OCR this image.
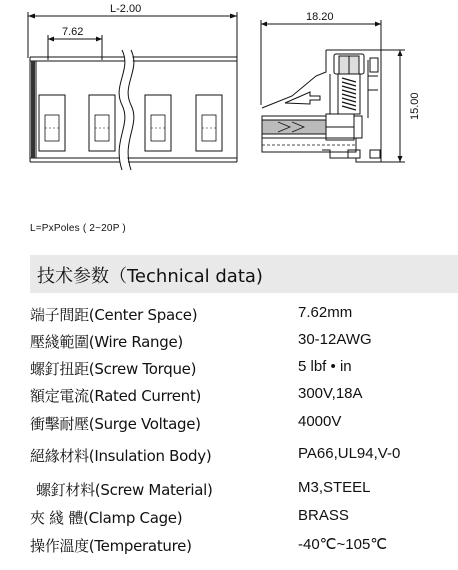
L-2.00
7.62
18.20
15.00
L=PxPoles ( 2~20P )
技术参数（Technical data)
端子間距(Center Space)	7.62mm
壓綫範圍(Wire Range)	30-12AWG
螺釘扭距(Screw Torque)	5 lbf • in
額定電流(Rated Current)	300V,18A
衝擊耐壓(Surge Voltage)	4000V
絕緣材料(Insulation Body)	PA66,UL94,V-0
螺釘材料(Screw Material)	M3,STEEL
夾 綫 體(Clamp Cage)	BRASS
操作溫度(Temperature)	-40℃~105℃
